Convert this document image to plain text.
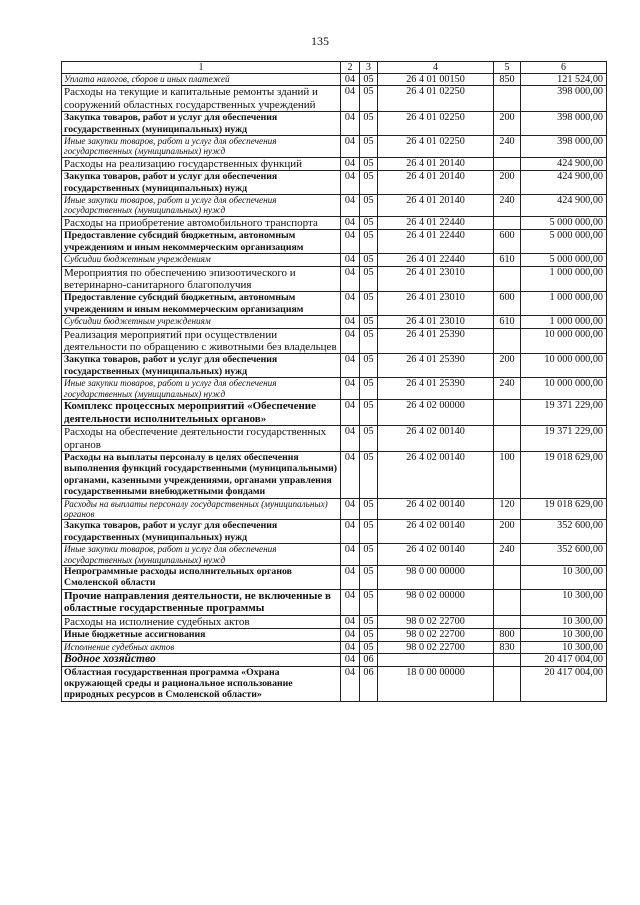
135
1	2	3	4	5	6
Уплата налогов, сборов и иных платежей	04	05	26 4 01 00150	850	121 524,00
Расходы на текущие и капитальные ремонты зданий и сооружений областных государственных учреждений	04	05	26 4 01 02250		398 000,00
Закупка товаров, работ и услуг для обеспечения государственных (муниципальных) нужд	04	05	26 4 01 02250	200	398 000,00
Иные закупки товаров, работ и услуг для обеспечения государственных (муниципальных) нужд	04	05	26 4 01 02250	240	398 000,00
Расходы на реализацию государственных функций	04	05	26 4 01 20140		424 900,00
Закупка товаров, работ и услуг для обеспечения государственных (муниципальных) нужд	04	05	26 4 01 20140	200	424 900,00
Иные закупки товаров, работ и услуг для обеспечения государственных (муниципальных) нужд	04	05	26 4 01 20140	240	424 900,00
Расходы на приобретение автомобильного транспорта	04	05	26 4 01 22440		5 000 000,00
Предоставление субсидий бюджетным, автономным учреждениям и иным некоммерческим организациям	04	05	26 4 01 22440	600	5 000 000,00
Субсидии бюджетным учреждениям	04	05	26 4 01 22440	610	5 000 000,00
Мероприятия по обеспечению эпизоотического и ветеринарно-санитарного благополучия	04	05	26 4 01 23010		1 000 000,00
Предоставление субсидий бюджетным, автономным учреждениям и иным некоммерческим организациям	04	05	26 4 01 23010	600	1 000 000,00
Субсидии бюджетным учреждениям	04	05	26 4 01 23010	610	1 000 000,00
Реализация мероприятий при осуществлении деятельности по обращению с животными без владельцев	04	05	26 4 01 25390		10 000 000,00
Закупка товаров, работ и услуг для обеспечения государственных (муниципальных) нужд	04	05	26 4 01 25390	200	10 000 000,00
Иные закупки товаров, работ и услуг для обеспечения государственных (муниципальных) нужд	04	05	26 4 01 25390	240	10 000 000,00
Комплекс процессных мероприятий «Обеспечение деятельности исполнительных органов»	04	05	26 4 02 00000		19 371 229,00
Расходы на обеспечение деятельности государственных органов	04	05	26 4 02 00140		19 371 229,00
Расходы на выплаты персоналу в целях обеспечения выполнения функций государственными (муниципальными) органами, казенными учреждениями, органами управления государственными внебюджетными фондами	04	05	26 4 02 00140	100	19 018 629,00
Расходы на выплаты персоналу государственных (муниципальных) органов	04	05	26 4 02 00140	120	19 018 629,00
Закупка товаров, работ и услуг для обеспечения государственных (муниципальных) нужд	04	05	26 4 02 00140	200	352 600,00
Иные закупки товаров, работ и услуг для обеспечения государственных (муниципальных) нужд	04	05	26 4 02 00140	240	352 600,00
Непрограммные расходы исполнительных органов Смоленской области	04	05	98 0 00 00000		10 300,00
Прочие направления деятельности, не включенные в областные государственные программы	04	05	98 0 02 00000		10 300,00
Расходы на исполнение судебных актов	04	05	98 0 02 22700		10 300,00
Иные бюджетные ассигнования	04	05	98 0 02 22700	800	10 300,00
Исполнение судебных актов	04	05	98 0 02 22700	830	10 300,00
Водное хозяйство	04	06			20 417 004,00
Областная государственная программа «Охрана окружающей среды и рациональное использование природных ресурсов в Смоленской области»	04	06	18 0 00 00000		20 417 004,00
